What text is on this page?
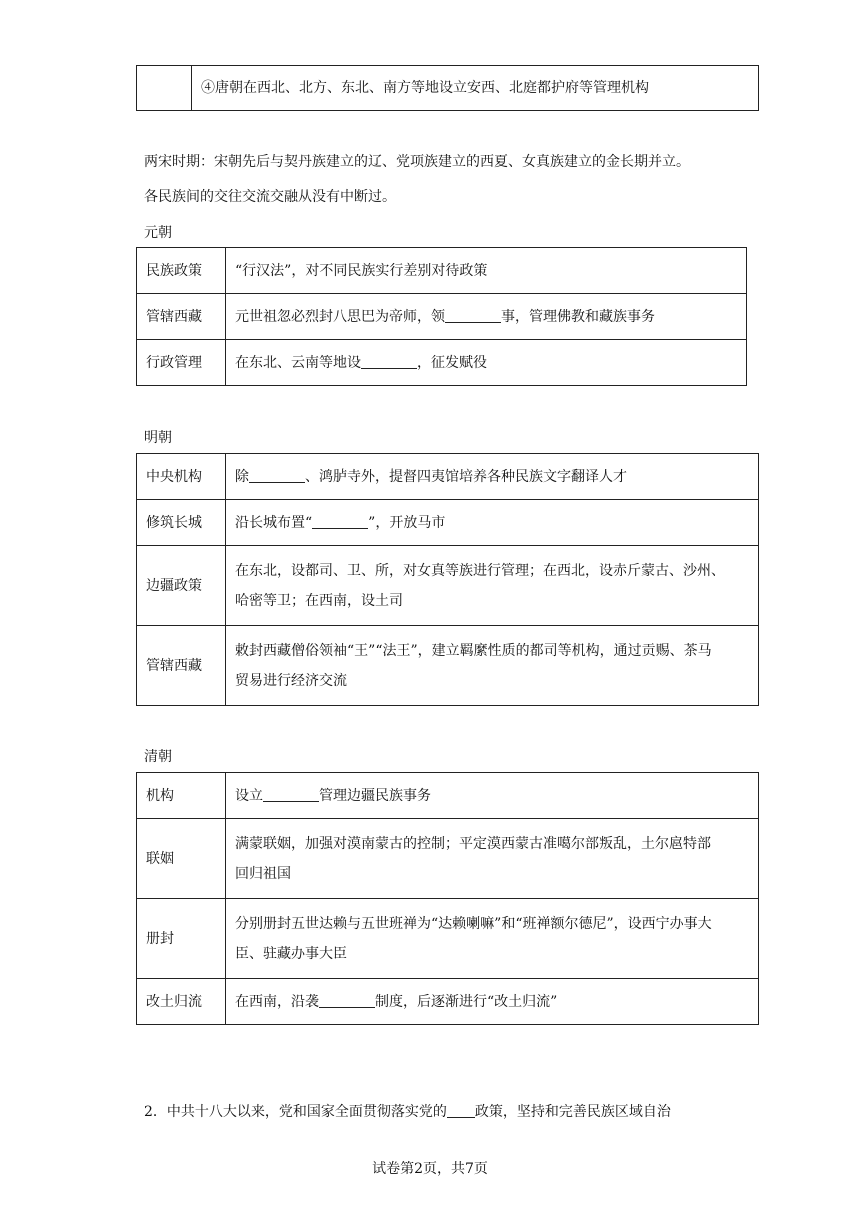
	④唐朝在西北、北方、东北、南方等地设立安西、北庭都护府等管理机构
两宋时期：宋朝先后与契丹族建立的辽、党项族建立的西夏、女真族建立的金长期并立。
各民族间的交往交流交融从没有中断过。
元朝
民族政策	“行汉法”，对不同民族实行差别对待政策
管辖西藏	元世祖忽必烈封八思巴为帝师，领 事，管理佛教和藏族事务
行政管理	在东北、云南等地设 ，征发赋役
明朝
中央机构	除 、鸿胪寺外，提督四夷馆培养各种民族文字翻译人才
修筑长城	沿长城布置“ ”，开放马市
边疆政策	在东北，设都司、卫、所，对女真等族进行管理；在西北，设赤斤蒙古、沙州、
哈密等卫；在西南，设土司

管辖西藏	敕封西藏僧俗领袖“王”“法王”，建立羁縻性质的都司等机构，通过贡赐、茶马
贸易进行经济交流
清朝
机构	设立 管理边疆民族事务
联姻	满蒙联姻，加强对漠南蒙古的控制；平定漠西蒙古准噶尔部叛乱，土尔扈特部
回归祖国

册封	分别册封五世达赖与五世班禅为“达赖喇嘛”和“班禅额尔德尼”，设西宁办事大
臣、驻藏办事大臣

改土归流	在西南，沿袭 制度，后逐渐进行“改土归流”
2．中共十八大以来，党和国家全面贯彻落实党的 政策，坚持和完善民族区域自治
试卷第2页，共7页
